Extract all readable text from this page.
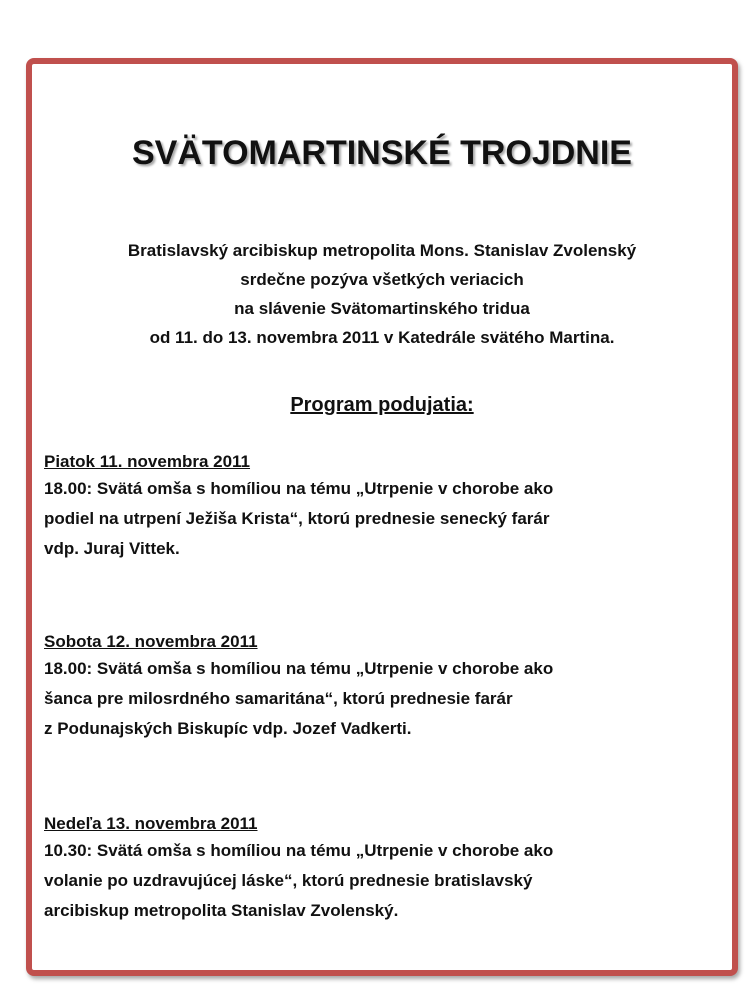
SVÄTOMARTINSKÉ TROJDNIE
Bratislavský arcibiskup metropolita Mons. Stanislav Zvolenský
srdečne pozýva všetkých veriacich
na slávenie Svätomartinského tridua
od 11. do 13. novembra 2011 v Katedrále svätého Martina.
Program podujatia:
Piatok 11. novembra 2011
18.00: Svätá omša s homíliou na tému „Utrpenie v chorobe ako
podiel na utrpení Ježiša Krista“, ktorú prednesie senecký farár
vdp. Juraj Vittek.
Sobota 12. novembra 2011
18.00: Svätá omša s homíliou na tému „Utrpenie v chorobe ako
šanca pre milosrdného samaritána“, ktorú prednesie farár
z Podunajských Biskupíc vdp. Jozef Vadkerti.
Nedeľa 13. novembra 2011
10.30: Svätá omša s homíliou na tému „Utrpenie v chorobe ako
volanie po uzdravujúcej láske“, ktorú prednesie bratislavský
arcibiskup metropolita Stanislav Zvolenský.
